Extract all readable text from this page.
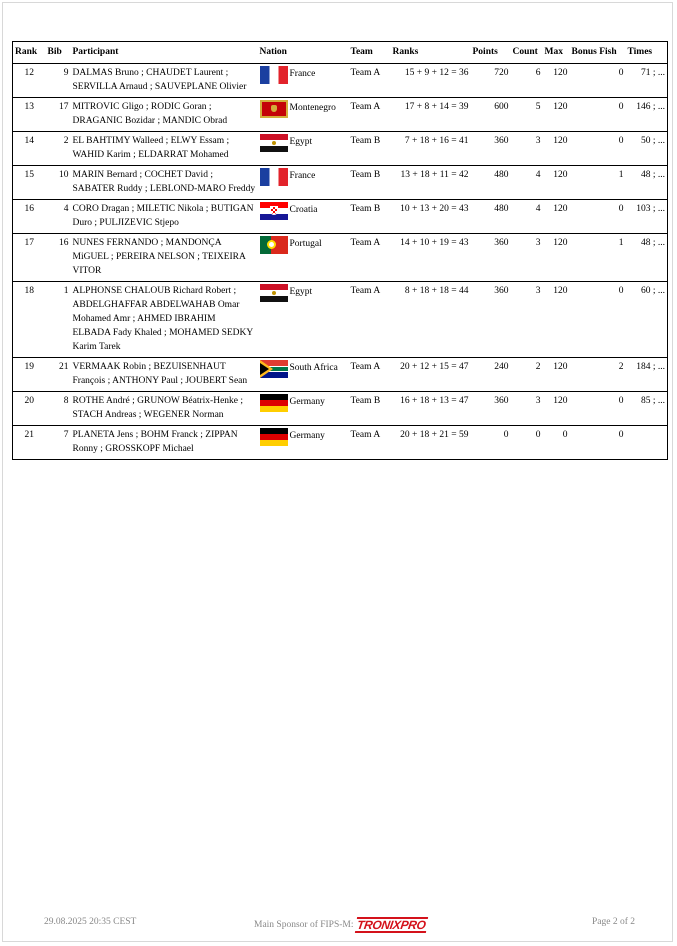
Rank	Bib	Participant	Nation	Team	Ranks	Points	Count	Max	Bonus Fish	Times
12	9	DALMAS Bruno ; CHAUDET Laurent ; SERVILLA Arnaud ; SAUVEPLANE Olivier	France	Team A	15 + 9 + 12 = 36	720	6	120	0	71 ; ...
13	17	MITROVIC Gligo ; RODIC Goran ; DRAGANIC Bozidar ; MANDIC Obrad	Montenegro	Team A	17 + 8 + 14 = 39	600	5	120	0	146 ; ...
14	2	EL BAHTIMY Walleed ; ELWY Essam ; WAHID Karim ; ELDARRAT Mohamed	Egypt	Team B	7 + 18 + 16 = 41	360	3	120	0	50 ; ...
15	10	MARIN Bernard ; COCHET David ; SABATER Ruddy ; LEBLOND-MARO Freddy	France	Team B	13 + 18 + 11 = 42	480	4	120	1	48 ; ...
16	4	CORO Dragan ; MILETIC Nikola ; BUTIGAN Duro ; PULJIZEVIC Stjepo	Croatia	Team B	10 + 13 + 20 = 43	480	4	120	0	103 ; ...
17	16	NUNES FERNANDO ; MANDONÇA MiGUEL ; PEREIRA NELSON ; TEIXEIRA VITOR	Portugal	Team A	14 + 10 + 19 = 43	360	3	120	1	48 ; ...
18	1	ALPHONSE CHALOUB Richard Robert ; ABDELGHAFFAR ABDELWAHAB Omar Mohamed Amr ; AHMED IBRAHIM ELBADA Fady Khaled ; MOHAMED SEDKY Karim Tarek	Egypt	Team A	8 + 18 + 18 = 44	360	3	120	0	60 ; ...
19	21	VERMAAK Robin ; BEZUISENHAUT François ; ANTHONY Paul ; JOUBERT Sean	South Africa	Team A	20 + 12 + 15 = 47	240	2	120	2	184 ; ...
20	8	ROTHE André ; GRUNOW Béatrix-Henke ; STACH Andreas ; WEGENER Norman	Germany	Team B	16 + 18 + 13 = 47	360	3	120	0	85 ; ...
21	7	PLANETA Jens ; BOHM Franck ; ZIPPAN Ronny ; GROSSKOPF Michael	Germany	Team A	20 + 18 + 21 = 59	0	0	0	0	
29.08.2025 20:35 CEST	Main Sponsor of FIPS-M: TRONIXPRO	Page 2 of 2
